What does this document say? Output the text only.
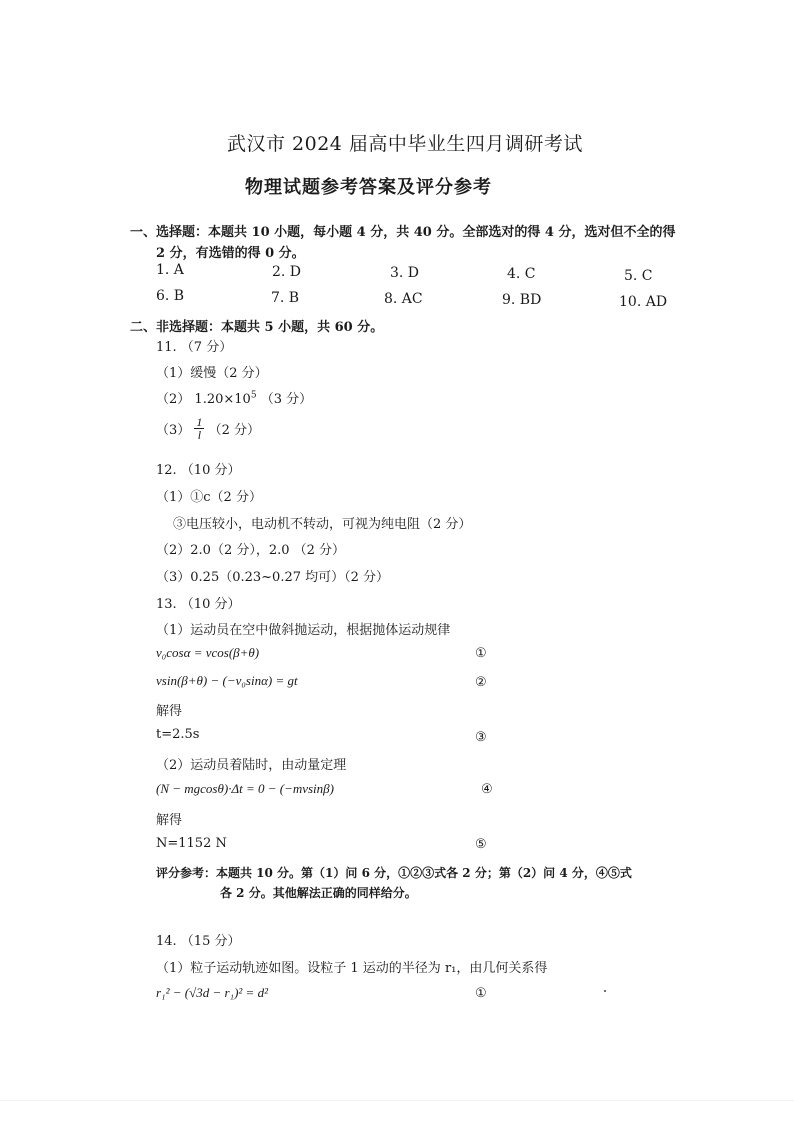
武汉市 2024 届高中毕业生四月调研考试
物理试题参考答案及评分参考
一、选择题：本题共 10 小题，每小题 4 分，共 40 分。全部选对的得 4 分，选对但不全的得
2 分，有选错的得 0 分。
1. A	2. D	3. D	4. C	5. C
6. B	7. B	8. AC	9. BD	10. AD
二、非选择题：本题共 5 小题，共 60 分。
11. （7 分）
（1）缓慢（2 分）
（2） $1.20\times 10^5$ （3 分）
$(3) \frac{1}{l} (2$ 分）
12. （10 分）
（1）①c（2 分）
③电压较小，电动机不转动，可视为纯电阻（2 分）
（2）2.0（2 分），2.0 （2 分）
（3）0.25（0.23~0.27 均可）（2 分）
13. （10 分）
（1）运动员在空中做斜抛运动，根据抛体运动规律
v₀cosα = vcos(β+θ)	①
vsin(β+θ) − (−v₀sinα) = gt	②
解得
t=2.5s	③
（2）运动员着陆时，由动量定理
(N − mgcosθ)·Δt = 0 − (−mvsinβ)	④
解得
N=1152 N	⑤
评分参考：本题共 10 分。第（1）问 6 分，①②③式各 2 分；第（2）问 4 分，④⑤式
各 2 分。其他解法正确的同样给分。
14. （15 分）
（1）粒子运动轨迹如图。设粒子 1 运动的半径为 r₁，由几何关系得
r₁² − (√3d − r₁)² = d²	①
